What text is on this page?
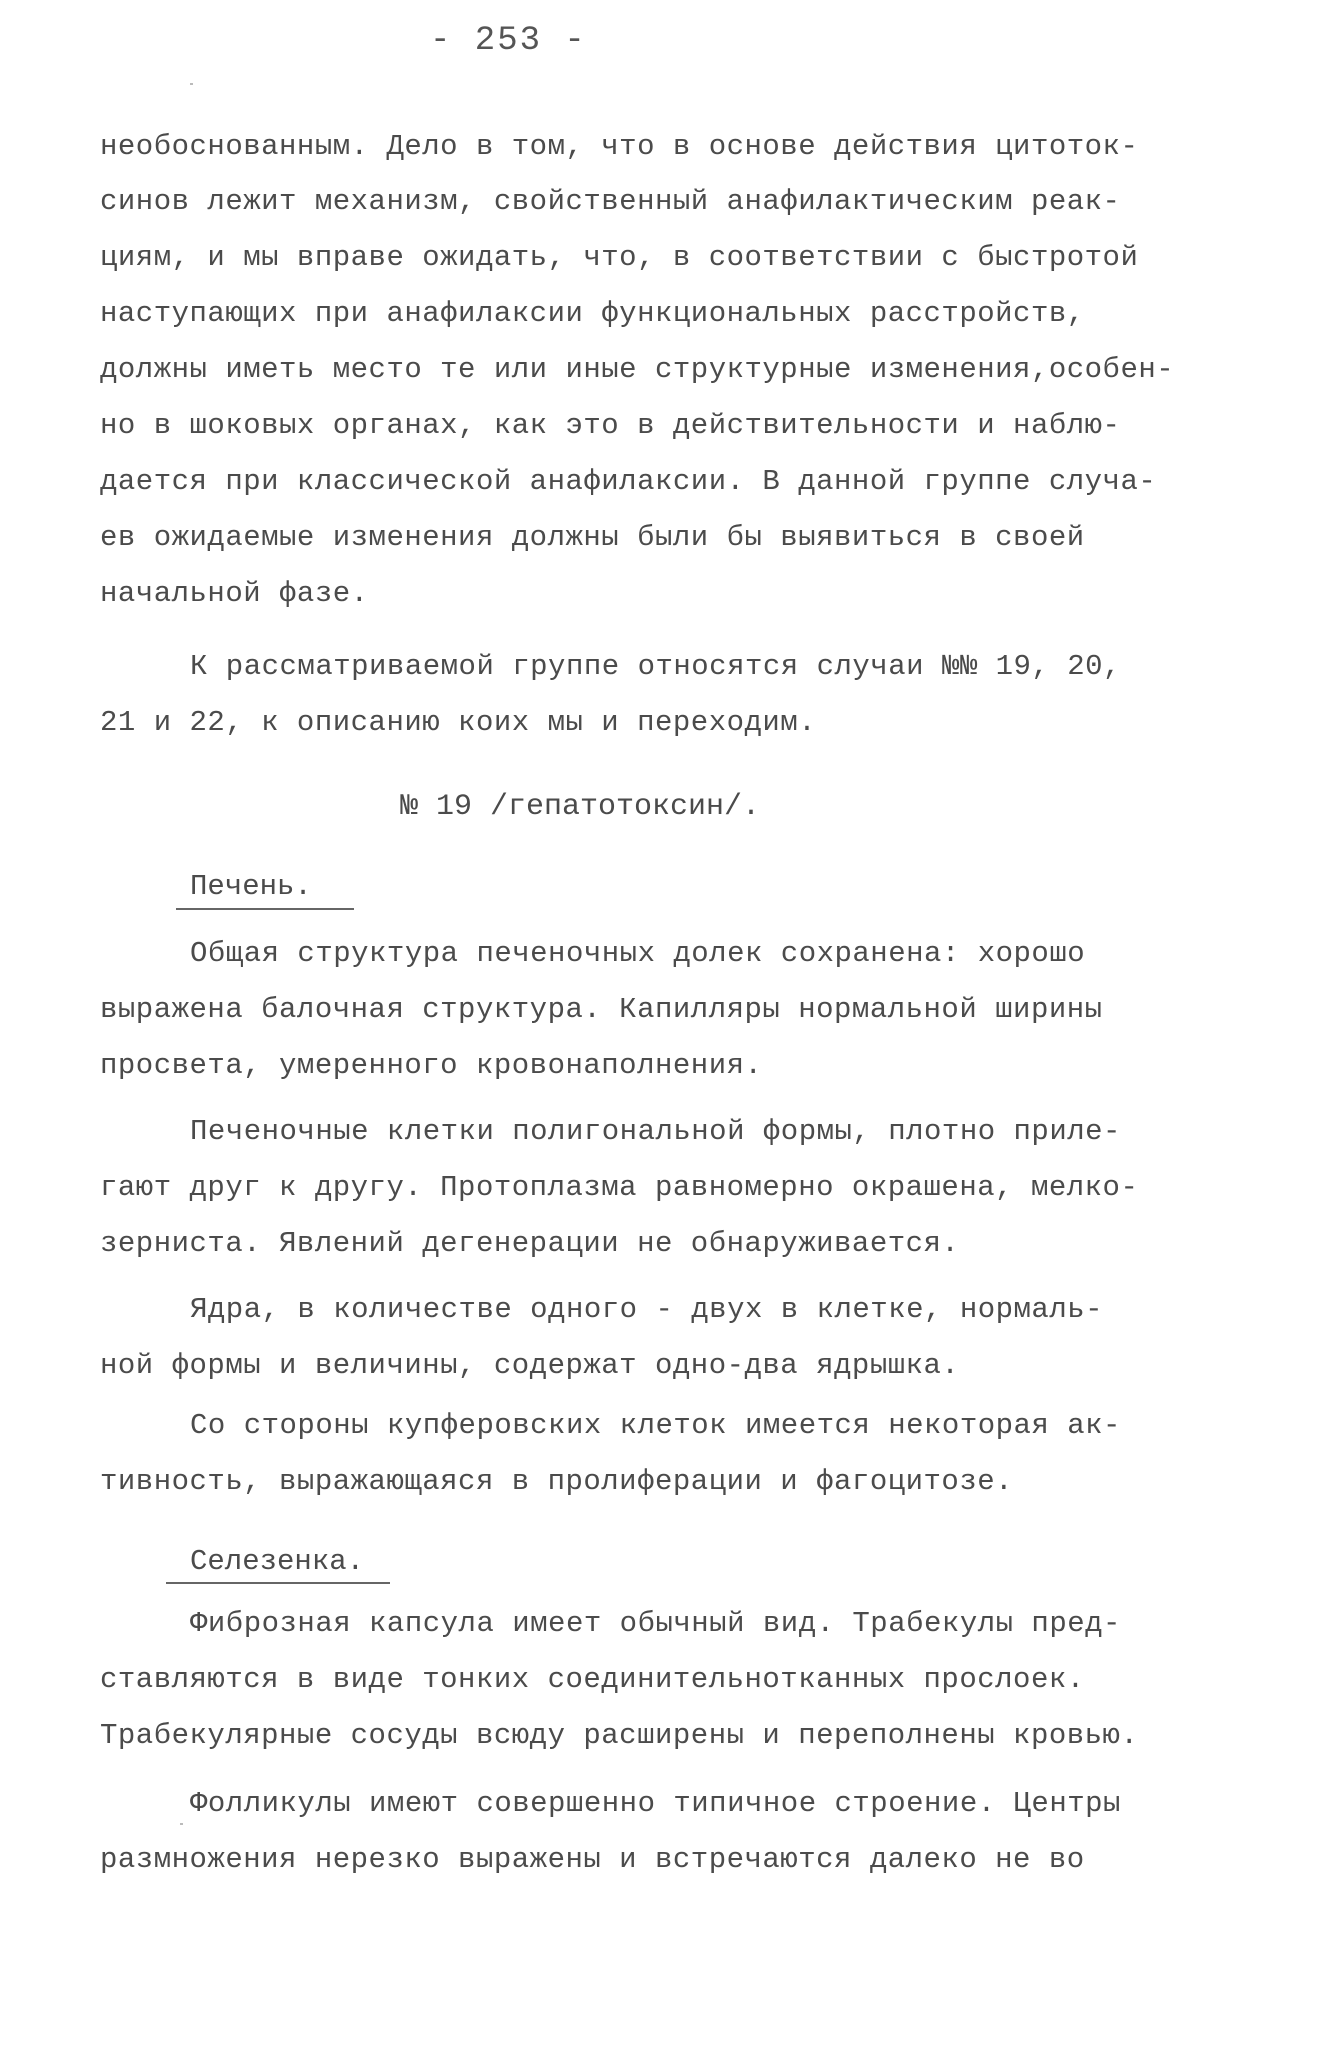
- 253 -
необоснованным. Дело в том, что в основе действия цитоток-
синов лежит механизм, свойственный анафилактическим реак-
циям, и мы вправе ожидать, что, в соответствии с быстротой
наступающих при анафилаксии функциональных расстройств,
должны иметь место те или иные структурные изменения,особен-
но в шоковых органах, как это в действительности и наблю-
дается при классической анафилаксии. В данной группе случа-
ев ожидаемые изменения должны были бы выявиться в своей
начальной фазе.
К рассматриваемой группе относятся случаи №№ 19, 20,
21 и 22, к описанию коих мы и переходим.
№ 19 /гепатотоксин/.
Печень.
Общая структура печеночных долек сохранена: хорошо
выражена балочная структура. Капилляры нормальной ширины
просвета, умеренного кровонаполнения.
Печеночные клетки полигональной формы, плотно приле-
гают друг к другу. Протоплазма равномерно окрашена, мелко-
зерниста. Явлений дегенерации не обнаруживается.
Ядра, в количестве одного - двух в клетке, нормаль-
ной формы и величины, содержат одно-два ядрышка.
Со стороны купферовских клеток имеется некоторая ак-
тивность, выражающаяся в пролиферации и фагоцитозе.
Селезенка.
Фиброзная капсула имеет обычный вид. Трабекулы пред-
ставляются в виде тонких соединительнотканных прослоек.
Трабекулярные сосуды всюду расширены и переполнены кровью.
Фолликулы имеют совершенно типичное строение. Центры
размножения нерезко выражены и встречаются далеко не во
